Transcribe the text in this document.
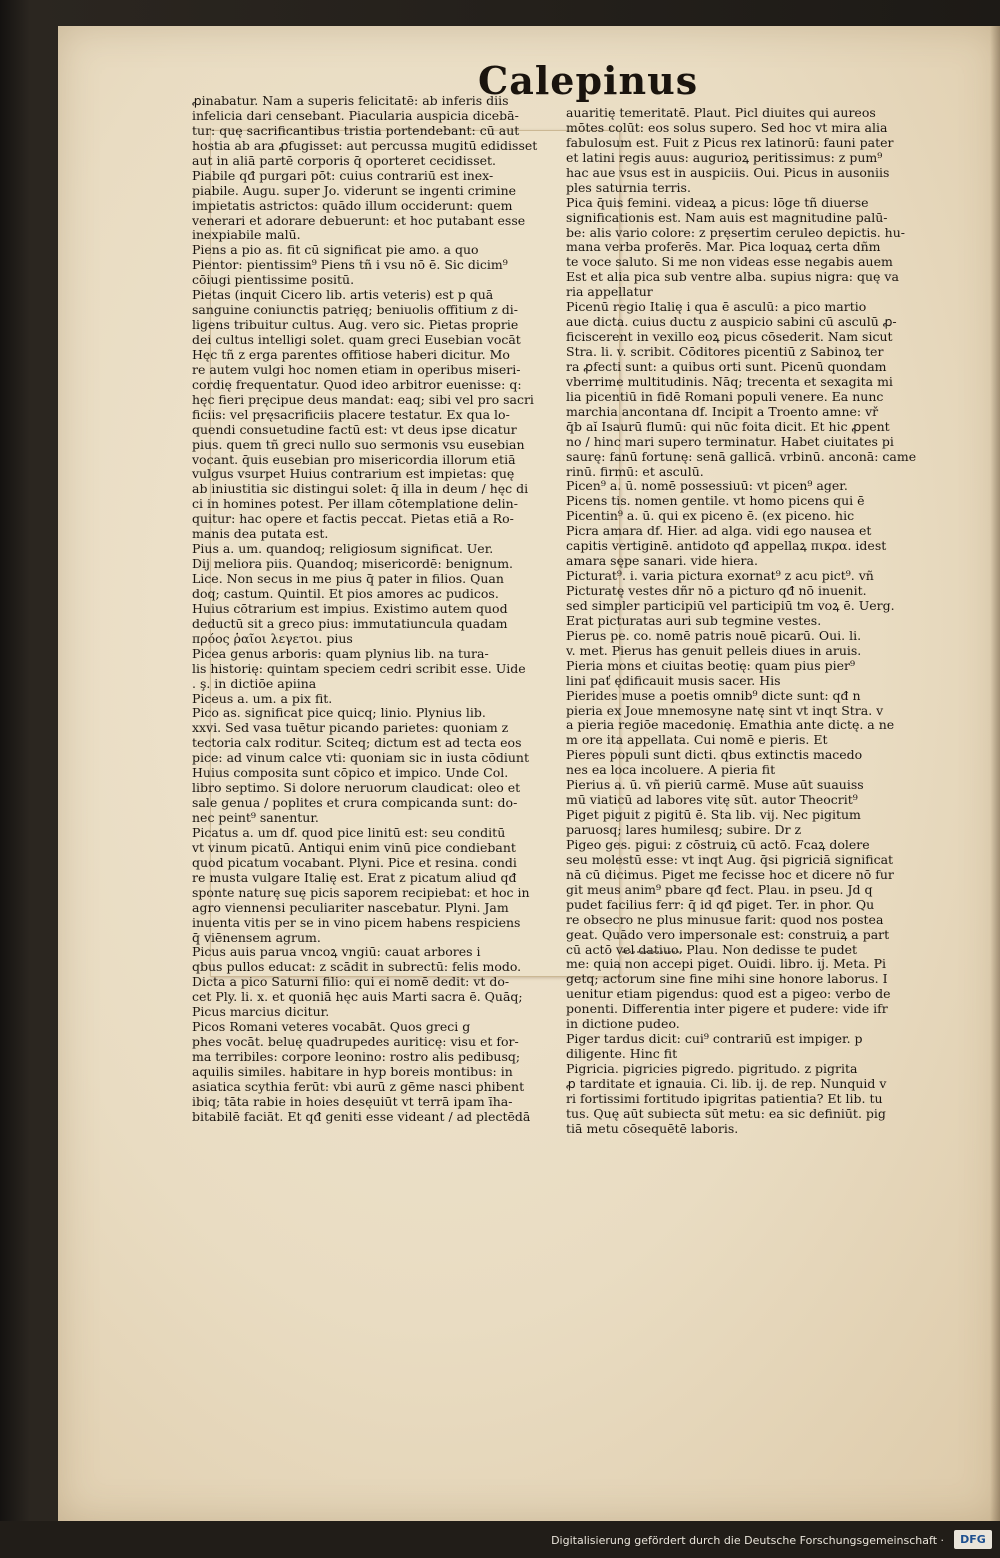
Calepinus
ꝓinabatur. Nam a superis felicitatē: ab inferis diis
infelicia dari censebant. Piacularia auspicia dicebā-
tur: quę sacrificantibus tristia portendebant: cū aut
hostia ab ara ꝓfugisset: aut percussa mugitū edidisset
aut in aliā partē corporis q̄ oporteret cecidisset.
Piabile qđ purgari pōt: cuius contrariū est inex-
piabile. Augu. super Jo. viderunt se ingenti crimine
impietatis astrictos: quādo illum occiderunt: quem
venerari et adorare debuerunt: et hoc putabant esse
inexpiabile malū.
Piens a pio as. fit cū significat pie amo. a quo
Pientor: pientissim⁹ Piens tñ i vsu nō ē. Sic dicim⁹
cōiugi pientissime positū.
Pietas (inquit Cicero lib. artis veteris) est p quā
sanguine coniunctis patrięq; beniuolis offitium z di-
ligens tribuitur cultus. Aug. vero sic. Pietas proprie
dei cultus intelligi solet. quam greci Eusebian vocāt
Hęc tñ z erga parentes offitiose haberi dicitur. Mo
re autem vulgi hoc nomen etiam in operibus miseri-
cordię frequentatur. Quod ideo arbitror euenisse: q:
hęc fieri pręcipue deus mandat: eaq; sibi vel pro sacri
ficiis: vel pręsacrificiis placere testatur. Ex qua lo-
quendi consuetudine factū est: vt deus ipse dicatur
pius. quem tñ greci nullo suo sermonis vsu eusebian
vocant. q̄uis eusebian pro misericordia illorum etiā
vulgus vsurpet Huius contrarium est impietas: quę
ab iniustitia sic distingui solet: q̄ illa in deum / hęc di
ci in homines potest. Per illam cōtemplatione delin-
quitur: hac opere et factis peccat. Pietas etiā a Ro-
manis dea putata est.
Pius a. um. quandoq; religiosum significat. Uer.
Dij meliora piis. Quandoq; misericordē: benignum.
Lice. Non secus in me pius q̄ pater in filios. Quan
doq; castum. Quintil. Et pios amores ac pudicos.
Huius cōtrarium est impius. Existimo autem quod
deductū sit a greco pius: immutatiuncula quadam
πρόος ῥαῖοι λεγετοι. pius
Picea genus arboris: quam plynius lib. na tura-
lis historię: quintam speciem cedri scribit esse. Uide
. ş. in dictiōe apiina
Piceus a. um. a pix fit.
Pico as. significat pice quicq; linio. Plynius lib.
xxvi. Sed vasa tuētur picando parietes: quoniam z
tectoria calx roditur. Sciteq; dictum est ad tecta eos
pice: ad vinum calce vti: quoniam sic in iusta cōdiunt
Huius composita sunt cōpico et impico. Unde Col.
libro septimo. Si dolore neruorum claudicat: oleo et
sale genua / poplites et crura compicanda sunt: do-
nec peint⁹ sanentur.
Picatus a. um df. quod pice linitū est: seu conditū
vt vinum picatū. Antiqui enim vinū pice condiebant
quod picatum vocabant. Plyni. Pice et resina. condi
re musta vulgare Italię est. Erat z picatum aliud qđ
sponte naturę suę picis saporem recipiebat: et hoc in
agro viennensi peculiariter nascebatur. Plyni. Jam
inuenta vitis per se in vino picem habens respiciens
q̄ viēnensem agrum.
Picus auis parua vncoꝝ vngiū: cauat arbores i
qbus pullos educat: z scādit in subrectū: felis modo.
Dicta a pico Saturni filio: qui ei nomē dedit: vt do-
cet Ply. li. x. et quoniā hęc auis Marti sacra ē. Quāq;
Picus marcius dicitur.
Picos Romani veteres vocabāt. Quos greci g
phes vocāt. beluę quadrupedes auriticę: visu et for-
ma terribiles: corpore leonino: rostro alis pedibusq;
aquilis similes. habitare in hyp boreis montibus: in
asiatica scythia ferūt: vbi aurū z gēme nasci phibent
ibiq; tāta rabie in hoies desęuiūt vt terrā ipam īha-
bitabilē faciāt. Et qđ geniti esse videant / ad plectēdā
auaritię temeritatē. Plaut. Picl diuites qui aureos
mōtes colūt: eos solus supero. Sed hoc vt mira alia
fabulosum est. Fuit z Picus rex latinorū: fauni pater
et latini regis auus: augurioꝝ peritissimus: z pum⁹
hac aue vsus est in auspiciis. Oui. Picus in ausoniis
ples saturnia terris.
Pica q̄uis femini. videaꝝ a picus: lōge tñ diuerse
significationis est. Nam auis est magnitudine palū-
be: alis vario colore: z pręsertim ceruleo depictis. hu-
mana verba proferēs. Mar. Pica loquaꝝ certa dñm
te voce saluto. Si me non videas esse negabis auem
Est et alia pica sub ventre alba. supius nigra: quę va
ria appellatur
Picenū regio Italię i qua ē asculū: a pico martio
aue dicta. cuius ductu z auspicio sabini cū asculū ꝓ-
ficiscerent in vexillo eoꝝ picus cōsederit. Nam sicut
Stra. li. v. scribit. Cōditores picentiū z Sabinoꝝ ter
ra ꝓfecti sunt: a quibus orti sunt. Picenū quondam
vberrime multitudinis. Nāq; trecenta et sexagita mi
lia picentiū in fidē Romani populi venere. Ea nunc
marchia ancontana df. Incipit a Troento amne: vř
q̄b aĭ Isaurū flumū: qui nūc foita dicit. Et hic ꝓpent
no / hinc mari supero terminatur. Habet ciuitates pi
saurę: fanū fortunę: senā gallicā. vrbinū. anconā: came
rinū. firmū: et asculū.
Picen⁹ a. ū. nomē possessiuū: vt picen⁹ ager.
Picens tis. nomen gentile. vt homo picens qui ē
Picentin⁹ a. ū. qui ex piceno ē. (ex piceno. hic
Picra amara df. Hier. ad alga. vidi ego nausea et
capitis vertiginē. antidoto qđ appellaꝝ πικρα. idest
amara sępe sanari. vide hiera.
Picturat⁹. i. varia pictura exornat⁹ z acu pict⁹. vñ
Picturatę vestes dñr nō a picturo qđ nō inuenit.
sed simpler participiū vel participiū tm voꝝ ē. Uerg.
Erat picturatas auri sub tegmine vestes.
Pierus pe. co. nomē patris nouē picarū. Oui. li.
v. met. Pierus has genuit pelleis diues in aruis.
Pieria mons et ciuitas beotię: quam pius pier⁹
lini pať ędificauit musis sacer. His
Pierides muse a poetis omnib⁹ dicte sunt: qđ n
pieria ex Joue mnemosyne natę sint vt inqt Stra. v
a pieria regiōe macedonię. Emathia ante dictę. a ne
m ore ita appellata. Cui nomē e pieris. Et
Pieres populi sunt dicti. qbus extinctis macedo
nes ea loca incoluere. A pieria fit
Pierius a. ū. vñ pieriū carmē. Muse aūt suauiss
mū viaticū ad labores vitę sūt. autor Theocrit⁹
Piget piguit z pigitū ē. Sta lib. vij. Nec pigitum
paruosq; lares humilesq; subire. Dr z
Pigeo ges. pigui: z cōstruiꝝ cū actō. Fcaꝝ dolere
seu molestū esse: vt inqt Aug. q̄si pigriciā significat
nā cū dicimus. Piget me fecisse hoc et dicere nō fur
git meus anim⁹ pbare qđ fect. Plau. in pseu. Jd q
pudet facilius ferr: q̄ id qđ piget. Ter. in phor. Qu
re obsecro ne plus minusue farit: quod nos postea
geat. Quādo vero impersonale est: construiꝝ a part
cū actō vel datiuo. Plau. Non dedisse te pudet
me: quia non accepi piget. Ouidi. libro. ij. Meta. Pi
getq; actorum sine fine mihi sine honore laborus. I
uenitur etiam pigendus: quod est a pigeo: verbo de
ponenti. Differentia inter pigere et pudere: vide ifr
in dictione pudeo.
Piger tardus dicit: cui⁹ contrariū est impiger. p
diligente. Hinc fit
Pigricia. pigricies pigredo. pigritudo. z pigrita
ꝓ tarditate et ignauia. Ci. lib. ij. de rep. Nunquid v
ri fortissimi fortitudo ipigritas patientia? Et lib. tu
tus. Quę aūt subiecta sūt metu: ea sic definiūt. pig
tiā metu cōsequētē laboris.
Digitalisierung gefördert durch die Deutsche Forschungsgemeinschaft ·	DFG
